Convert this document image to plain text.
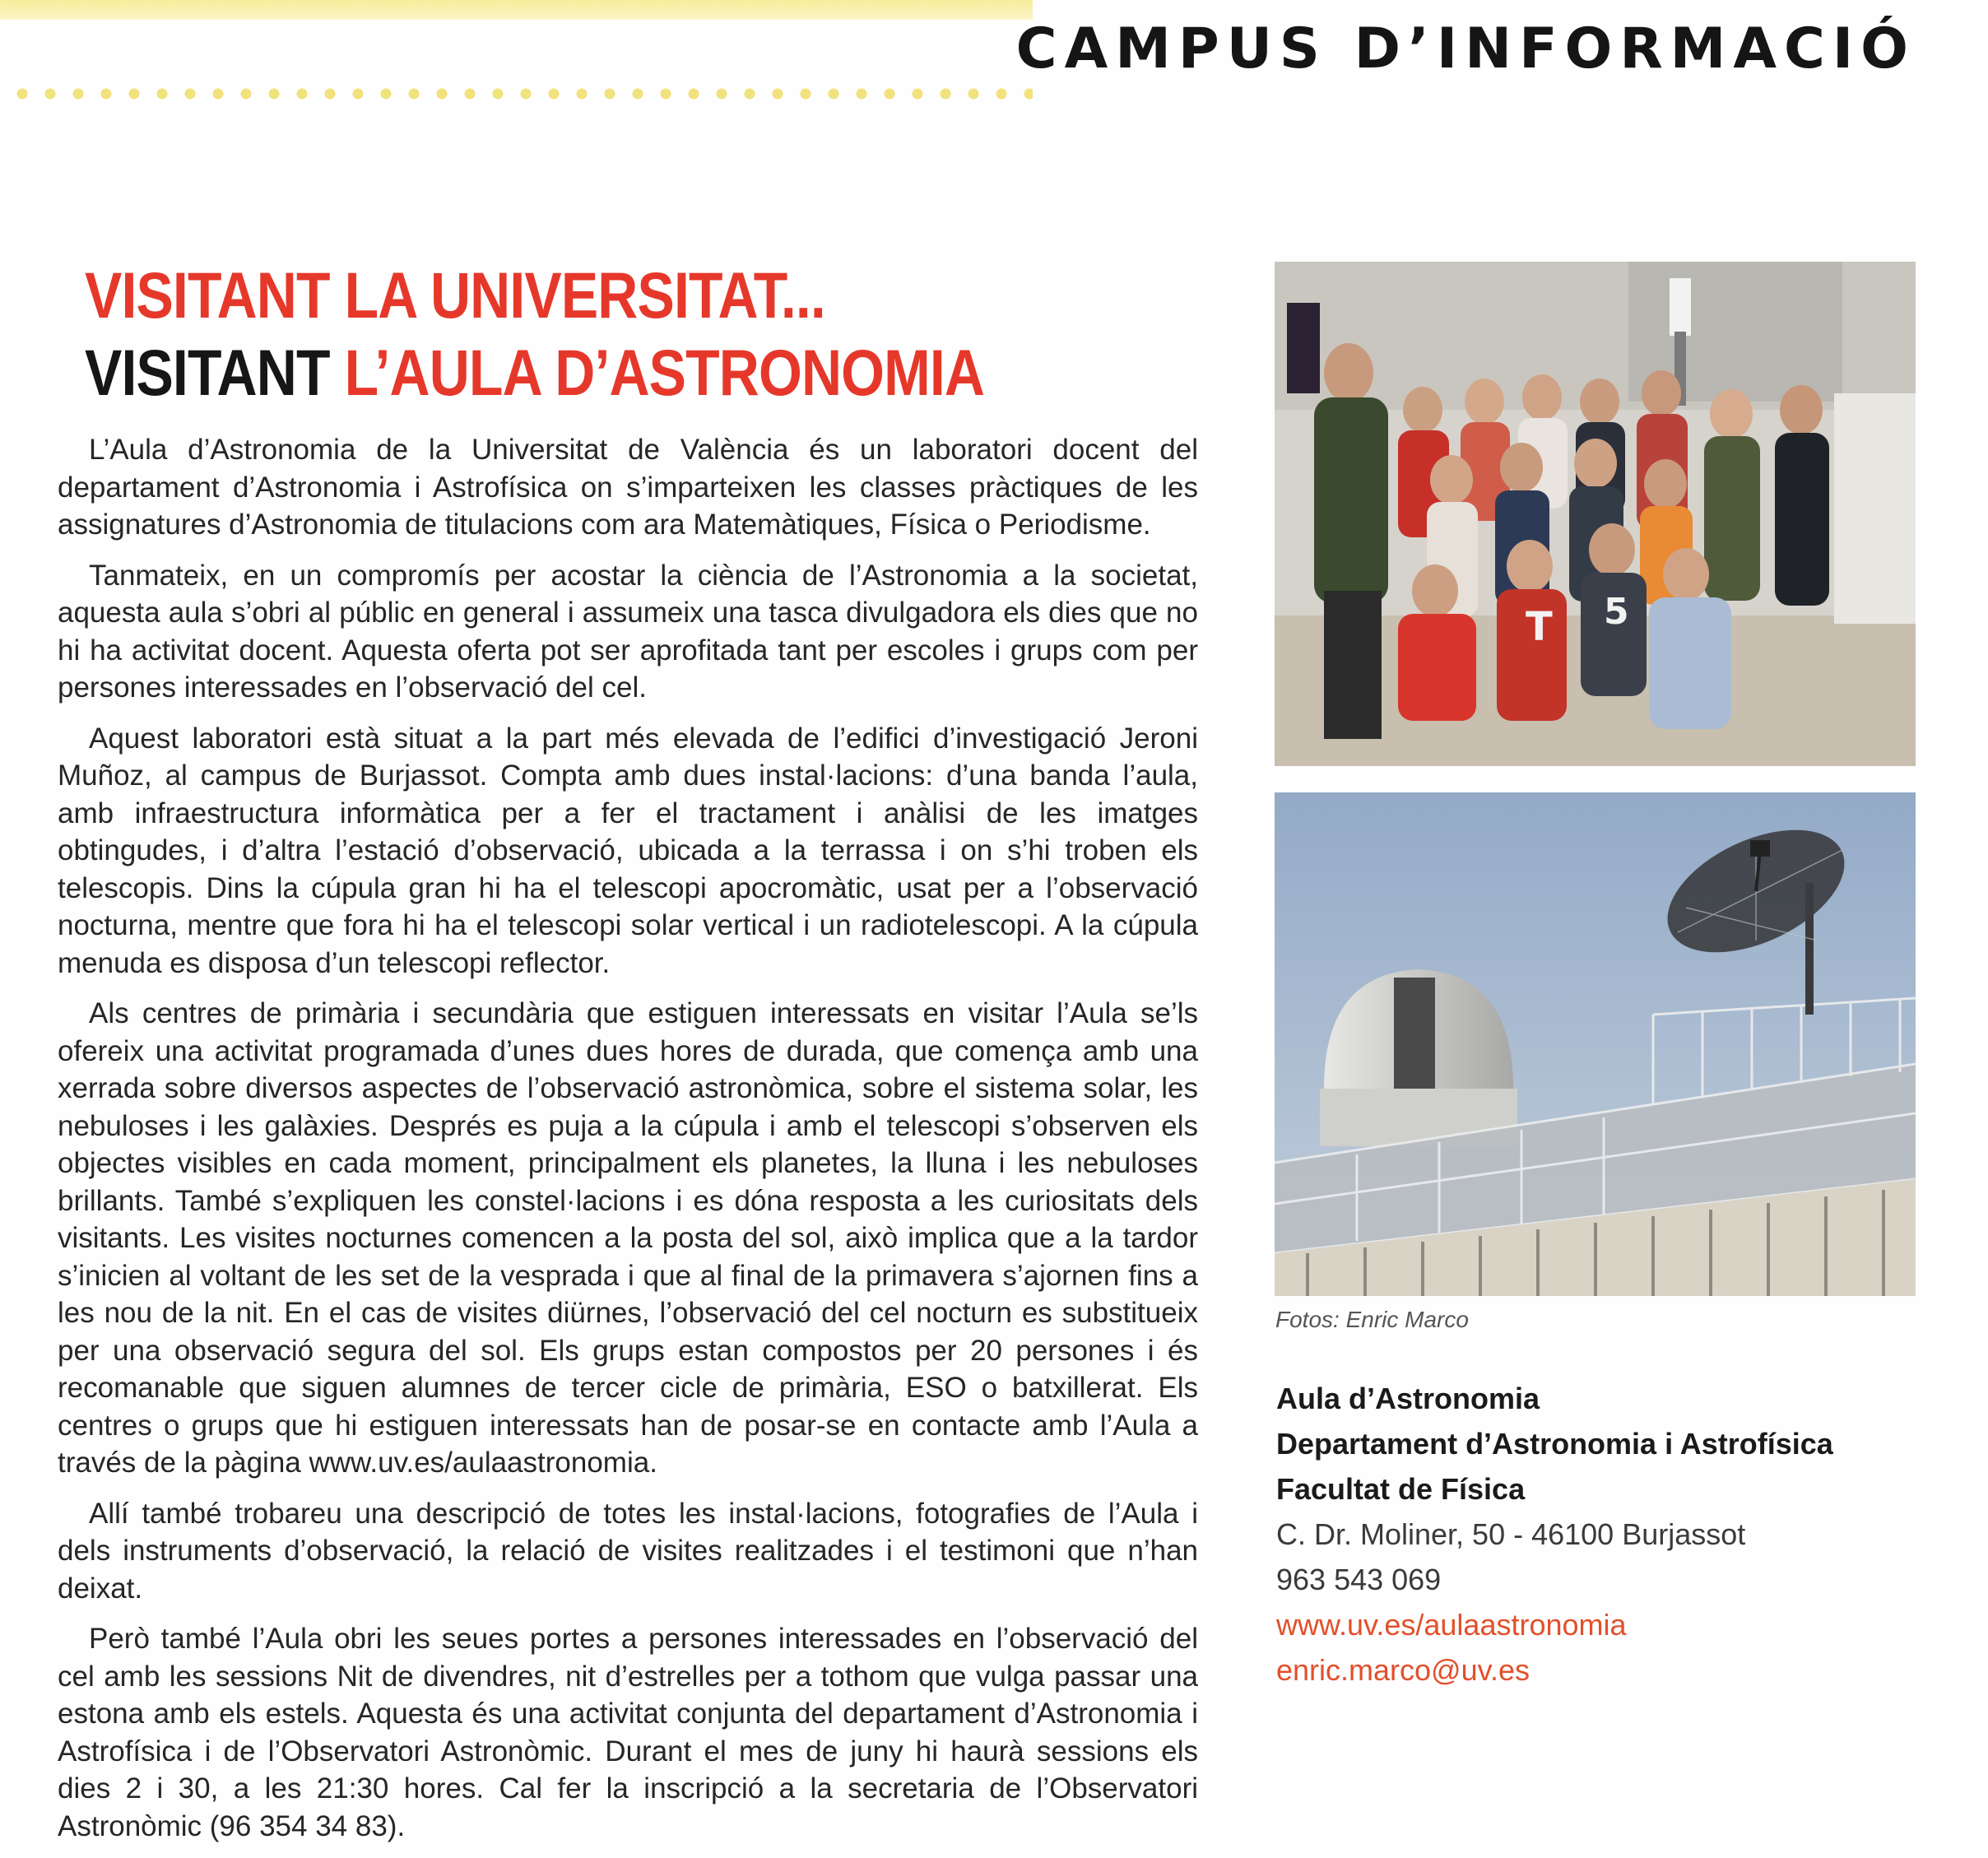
CAMPUS D’INFORMACIÓ
VISITANT LA UNIVERSITAT...
VISITANT L’AULA D’ASTRONOMIA

L’Aula d’Astronomia de la Universitat de València és un laboratori docent del departament d’Astronomia i Astrofísica on s’imparteixen les classes pràctiques de les assignatures d’Astronomia de titulacions com ara Matemàtiques, Física o Periodisme.

Tanmateix, en un compromís per acostar la ciència de l’Astronomia a la societat, aquesta aula s’obri al públic en general i assumeix una tasca divulgadora els dies que no hi ha activitat docent. Aquesta oferta pot ser aprofitada tant per escoles i grups com per persones interessades en l’observació del cel.

Aquest laboratori està situat a la part més elevada de l’edifici d’investigació Jeroni Muñoz, al campus de Burjassot. Compta amb dues instal·lacions: d’una banda l’aula, amb infraestructura informàtica per a fer el tractament i anàlisi de les imatges obtingudes, i d’altra l’estació d’observació, ubicada a la terrassa i on s’hi troben els telescopis. Dins la cúpula gran hi ha el telescopi apocromàtic, usat per a l’observació nocturna, mentre que fora hi ha el telescopi solar vertical i un radiotelescopi. A la cúpula menuda es disposa d’un telescopi reflector.

Als centres de primària i secundària que estiguen interessats en visitar l’Aula se’ls ofereix una activitat programada d’unes dues hores de durada, que comença amb una xerrada sobre diversos aspectes de l’observació astronòmica, sobre el sistema solar, les nebuloses i les galàxies. Després es puja a la cúpula i amb el telescopi s’observen els objectes visibles en cada moment, principalment els planetes, la lluna i les nebuloses brillants. També s’expliquen les constel·lacions i es dóna resposta a les curiositats dels visitants. Les visites nocturnes comencen a la posta del sol, això implica que a la tardor s’inicien al voltant de les set de la vesprada i que al final de la primavera s’ajornen fins a les nou de la nit. En el cas de visites diürnes, l’observació del cel nocturn es substitueix per una observació segura del sol. Els grups estan compostos per 20 persones i és recomanable que siguen alumnes de tercer cicle de primària, ESO o batxillerat. Els centres o grups que hi estiguen interessats han de posar-se en contacte amb l’Aula a través de la pàgina www.uv.es/aulaastronomia.

Allí també trobareu una descripció de totes les instal·lacions, fotografies de l’Aula i dels instruments d’observació, la relació de visites realitzades i el testimoni que n’han deixat.

Però també l’Aula obri les seues portes a persones interessades en l’observació del cel amb les sessions Nit de divendres, nit d’estrelles per a tothom que vulga passar una estona amb els estels. Aquesta és una activitat conjunta del departament d’Astronomia i Astrofísica i de l’Observatori Astronòmic. Durant el mes de juny hi haurà sessions els dies 2 i 30, a les 21:30 hores. Cal fer la inscripció a la secretaria de l’Observatori Astronòmic (96 354 34 83).

T 5

Fotos: Enric Marco

Aula d’Astronomia
Departament d’Astronomia i Astrofísica
Facultat de Física
C. Dr. Moliner, 50 - 46100 Burjassot
963 543 069
www.uv.es/aulaastronomia
enric.marco@uv.es
